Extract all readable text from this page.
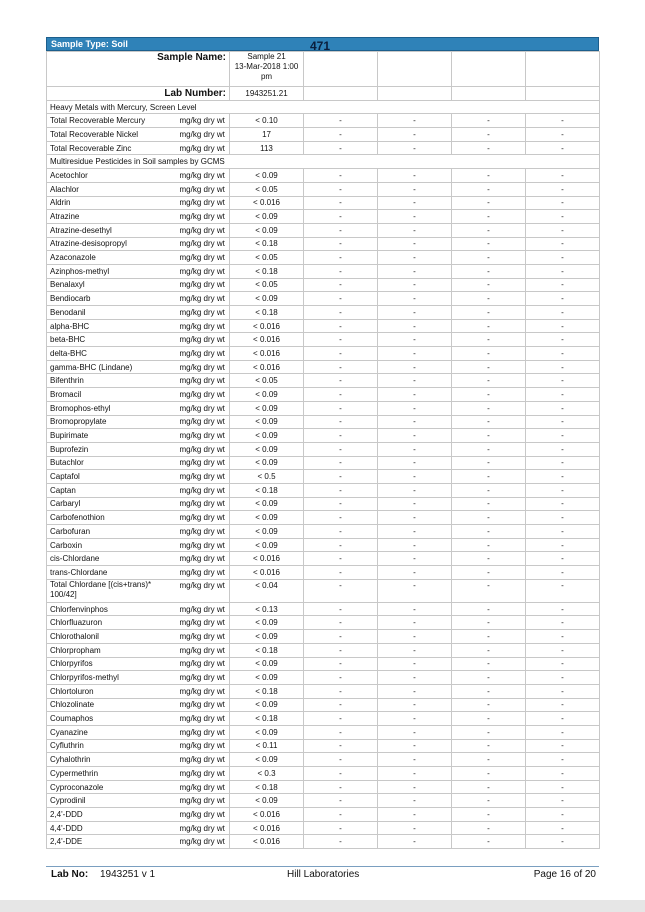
Sample Type: Soil	471
Sample Name:		Sample 21
13-Mar-2018 1:00 pm				

Lab Number:		1943251.21				
Heavy Metals with Mercury, Screen Level						
Total Recoverable Mercury	mg/kg dry wt	< 0.10	-	-	-	-
Total Recoverable Nickel	mg/kg dry wt	17	-	-	-	-
Total Recoverable Zinc	mg/kg dry wt	113	-	-	-	-
Multiresidue Pesticides in Soil samples by GCMS						
Acetochlor	mg/kg dry wt	< 0.09	-	-	-	-
Alachlor	mg/kg dry wt	< 0.05	-	-	-	-
Aldrin	mg/kg dry wt	< 0.016	-	-	-	-
Atrazine	mg/kg dry wt	< 0.09	-	-	-	-
Atrazine-desethyl	mg/kg dry wt	< 0.09	-	-	-	-
Atrazine-desisopropyl	mg/kg dry wt	< 0.18	-	-	-	-
Azaconazole	mg/kg dry wt	< 0.05	-	-	-	-
Azinphos-methyl	mg/kg dry wt	< 0.18	-	-	-	-
Benalaxyl	mg/kg dry wt	< 0.05	-	-	-	-
Bendiocarb	mg/kg dry wt	< 0.09	-	-	-	-
Benodanil	mg/kg dry wt	< 0.18	-	-	-	-
alpha-BHC	mg/kg dry wt	< 0.016	-	-	-	-
beta-BHC	mg/kg dry wt	< 0.016	-	-	-	-
delta-BHC	mg/kg dry wt	< 0.016	-	-	-	-
gamma-BHC (Lindane)	mg/kg dry wt	< 0.016	-	-	-	-
Bifenthrin	mg/kg dry wt	< 0.05	-	-	-	-
Bromacil	mg/kg dry wt	< 0.09	-	-	-	-
Bromophos-ethyl	mg/kg dry wt	< 0.09	-	-	-	-
Bromopropylate	mg/kg dry wt	< 0.09	-	-	-	-
Bupirimate	mg/kg dry wt	< 0.09	-	-	-	-
Buprofezin	mg/kg dry wt	< 0.09	-	-	-	-
Butachlor	mg/kg dry wt	< 0.09	-	-	-	-
Captafol	mg/kg dry wt	< 0.5	-	-	-	-
Captan	mg/kg dry wt	< 0.18	-	-	-	-
Carbaryl	mg/kg dry wt	< 0.09	-	-	-	-
Carbofenothion	mg/kg dry wt	< 0.09	-	-	-	-
Carbofuran	mg/kg dry wt	< 0.09	-	-	-	-
Carboxin	mg/kg dry wt	< 0.09	-	-	-	-
cis-Chlordane	mg/kg dry wt	< 0.016	-	-	-	-
trans-Chlordane	mg/kg dry wt	< 0.016	-	-	-	-
Total Chlordane [(cis+trans)* 100/42]	mg/kg dry wt	< 0.04	-	-	-	-
Chlorfenvinphos	mg/kg dry wt	< 0.13	-	-	-	-
Chlorfluazuron	mg/kg dry wt	< 0.09	-	-	-	-
Chlorothalonil	mg/kg dry wt	< 0.09	-	-	-	-
Chlorpropham	mg/kg dry wt	< 0.18	-	-	-	-
Chlorpyrifos	mg/kg dry wt	< 0.09	-	-	-	-
Chlorpyrifos-methyl	mg/kg dry wt	< 0.09	-	-	-	-
Chlortoluron	mg/kg dry wt	< 0.18	-	-	-	-
Chlozolinate	mg/kg dry wt	< 0.09	-	-	-	-
Coumaphos	mg/kg dry wt	< 0.18	-	-	-	-
Cyanazine	mg/kg dry wt	< 0.09	-	-	-	-
Cyfluthrin	mg/kg dry wt	< 0.11	-	-	-	-
Cyhalothrin	mg/kg dry wt	< 0.09	-	-	-	-
Cypermethrin	mg/kg dry wt	< 0.3	-	-	-	-
Cyproconazole	mg/kg dry wt	< 0.18	-	-	-	-
Cyprodinil	mg/kg dry wt	< 0.09	-	-	-	-
2,4'-DDD	mg/kg dry wt	< 0.016	-	-	-	-
4,4'-DDD	mg/kg dry wt	< 0.016	-	-	-	-
2,4'-DDE	mg/kg dry wt	< 0.016	-	-	-	-
Lab No: 1943251 v 1	Hill Laboratories	Page 16 of 20
